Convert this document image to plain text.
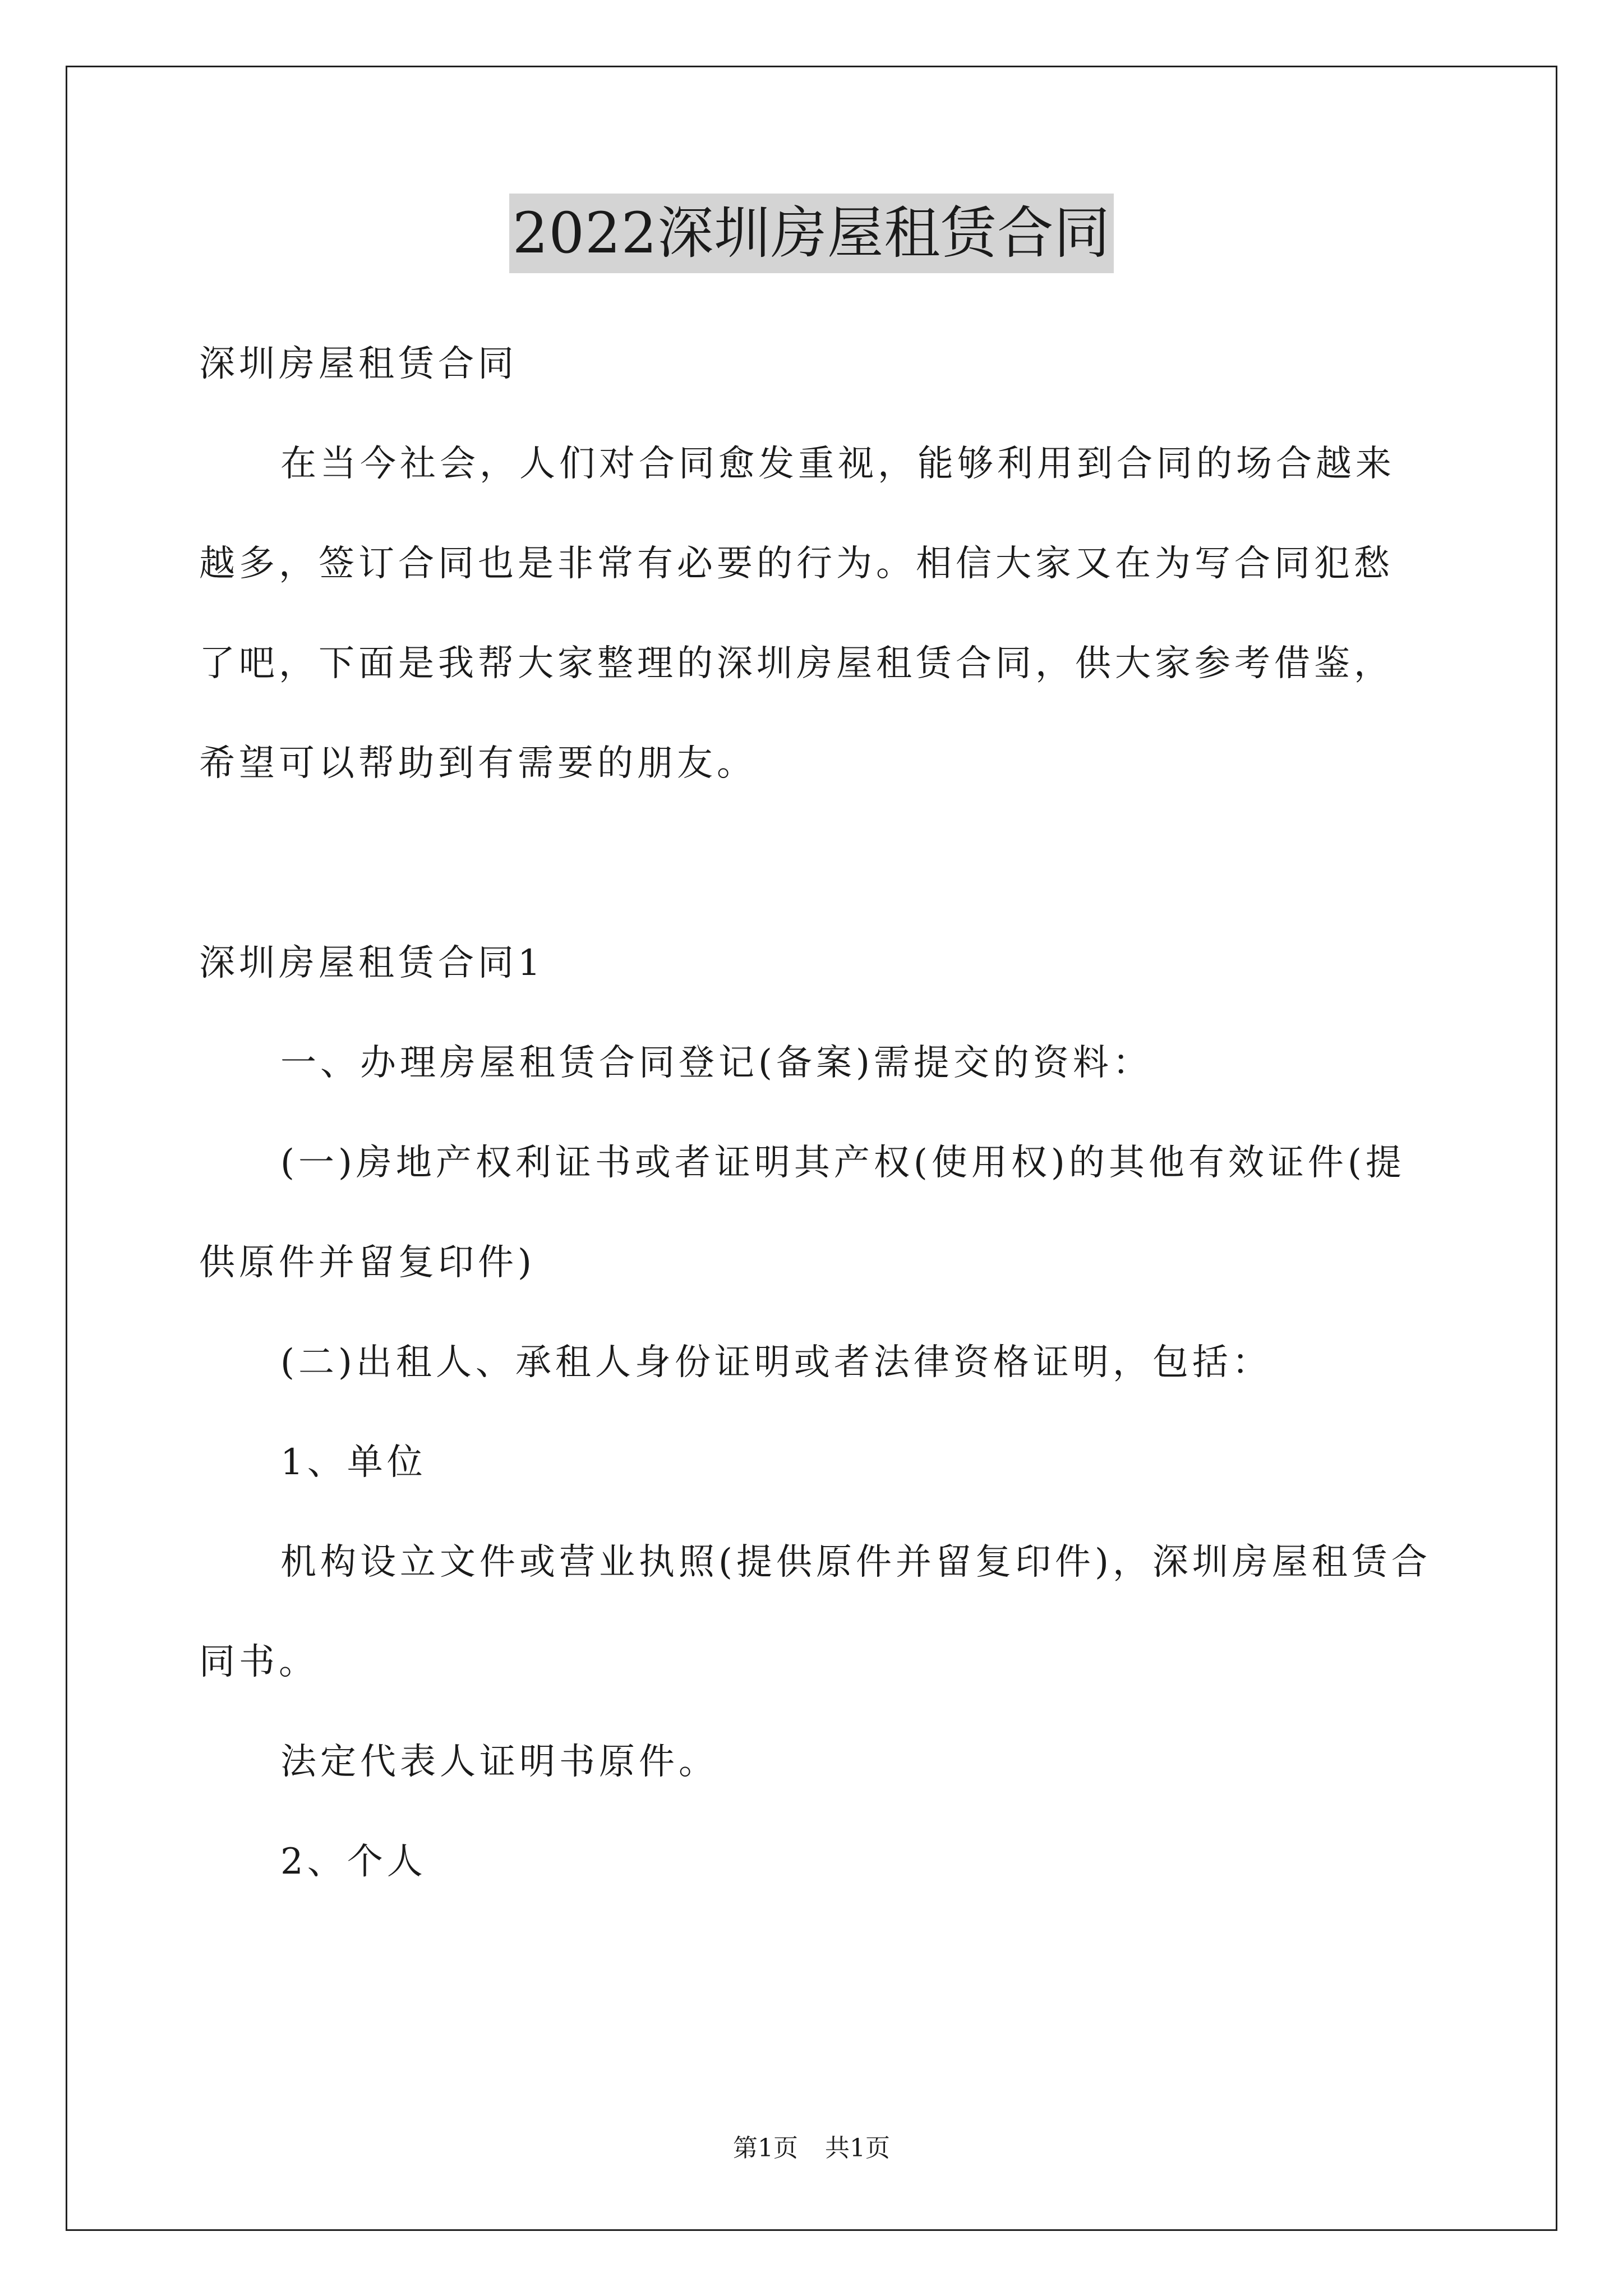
2022深圳房屋租赁合同

深圳房屋租赁合同

在当今社会，人们对合同愈发重视，能够利用到合同的场合越来越多，签订合同也是非常有必要的行为。相信大家又在为写合同犯愁了吧，下面是我帮大家整理的深圳房屋租赁合同，供大家参考借鉴，希望可以帮助到有需要的朋友。

深圳房屋租赁合同1

一、办理房屋租赁合同登记(备案)需提交的资料：

(一)房地产权利证书或者证明其产权(使用权)的其他有效证件(提供原件并留复印件)

(二)出租人、承租人身份证明或者法律资格证明，包括：

1、单位

机构设立文件或营业执照(提供原件并留复印件)，深圳房屋租赁合同书。

法定代表人证明书原件。

2、个人

第1页 共1页
